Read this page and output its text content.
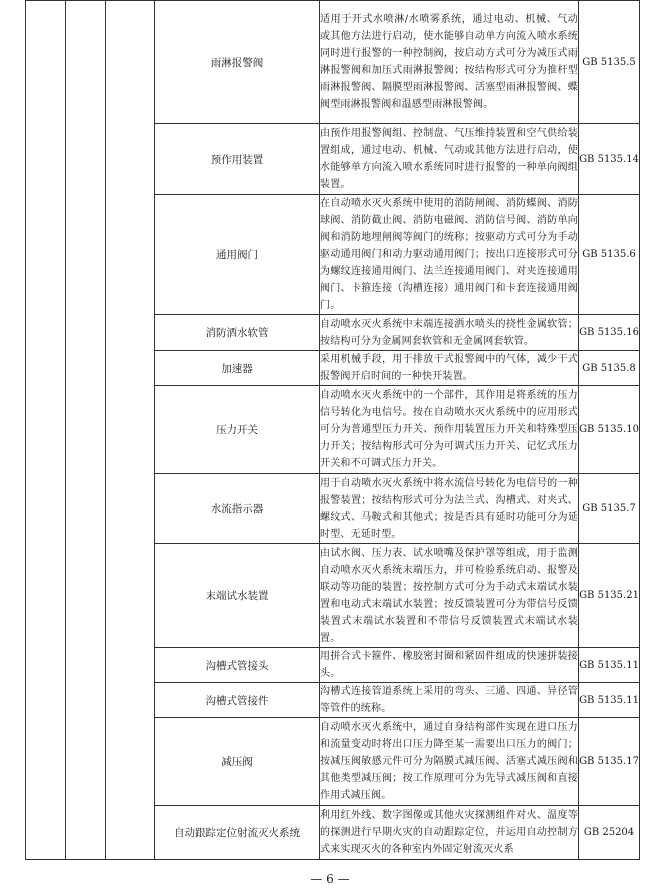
			雨淋报警阀	适用于开式水喷淋/水喷雾系统，通过电动、机械、气动或其他方法进行启动，使水能够自动单方向流入喷水系统同时进行报警的一种控制阀，按启动方式可分为减压式雨淋报警阀和加压式雨淋报警阀；按结构形式可分为推杆型雨淋报警阀、隔膜型雨淋报警阀、活塞型雨淋报警阀、蝶阀型雨淋报警阀和温感型雨淋报警阀。	GB 5135.5
			预作用装置	由预作用报警阀组、控制盘、气压维持装置和空气供给装置组成，通过电动、机械、气动或其他方法进行启动，使水能够单方向流入喷水系统同时进行报警的一种单向阀组装置。	GB 5135.14
			通用阀门	在自动喷水灭火系统中使用的消防闸阀、消防蝶阀、消防球阀、消防截止阀、消防电磁阀、消防信号阀、消防单向阀和消防地埋闸阀等阀门的统称；按驱动方式可分为手动驱动通用阀门和动力驱动通用阀门；按出口连接形式可分为螺纹连接通用阀门、法兰连接通用阀门、对夹连接通用阀门、卡箍连接（沟槽连接）通用阀门和卡套连接通用阀门。	GB 5135.6
			消防洒水软管	自动喷水灭火系统中末端连接洒水喷头的挠性金属软管；按结构可分为金属网套软管和无金属网套软管。	GB 5135.16
			加速器	采用机械手段，用于排放干式报警阀中的气体，减少干式报警阀开启时间的一种快开装置。	GB 5135.8
			压力开关	自动喷水灭火系统中的一个部件，其作用是将系统的压力信号转化为电信号。按在自动喷水灭火系统中的应用形式可分为普通型压力开关、预作用装置压力开关和特殊型压力开关；按结构形式可分为可调式压力开关、记忆式压力开关和不可调式压力开关。	GB 5135.10
			水流指示器	用于自动喷水灭火系统中将水流信号转化为电信号的一种报警装置；按结构形式可分为法兰式、沟槽式、对夹式、螺纹式、马鞍式和其他式；按是否具有延时功能可分为延时型、无延时型。	GB 5135.7
			末端试水装置	由试水阀、压力表、试水喷嘴及保护罩等组成，用于监测自动喷水灭火系统末端压力，并可检验系统启动、报警及联动等功能的装置；按控制方式可分为手动式末端试水装置和电动式末端试水装置；按反馈装置可分为带信号反馈装置式末端试水装置和不带信号反馈装置式末端试水装置。	GB 5135.21
			沟槽式管接头	用拼合式卡箍件、橡胶密封圈和紧固件组成的快速拼装接头。	GB 5135.11
			沟槽式管接件	沟槽式连接管道系统上采用的弯头、三通、四通、异径管等管件的统称。	GB 5135.11
			减压阀	自动喷水灭火系统中，通过自身结构部件实现在进口压力和流量变动时将出口压力降至某一需要出口压力的阀门；按减压阀敏感元件可分为隔膜式减压阀、活塞式减压阀和其他类型减压阀；按工作原理可分为先导式减压阀和直接作用式减压阀。	GB 5135.17
			自动跟踪定位射流灭火系统	利用红外线、数字图像或其他火灾探测组件对火、温度等的探测进行早期火灾的自动跟踪定位，并运用自动控制方式来实现灭火的各种室内外固定射流灭火系	GB 25204
— 6 —
